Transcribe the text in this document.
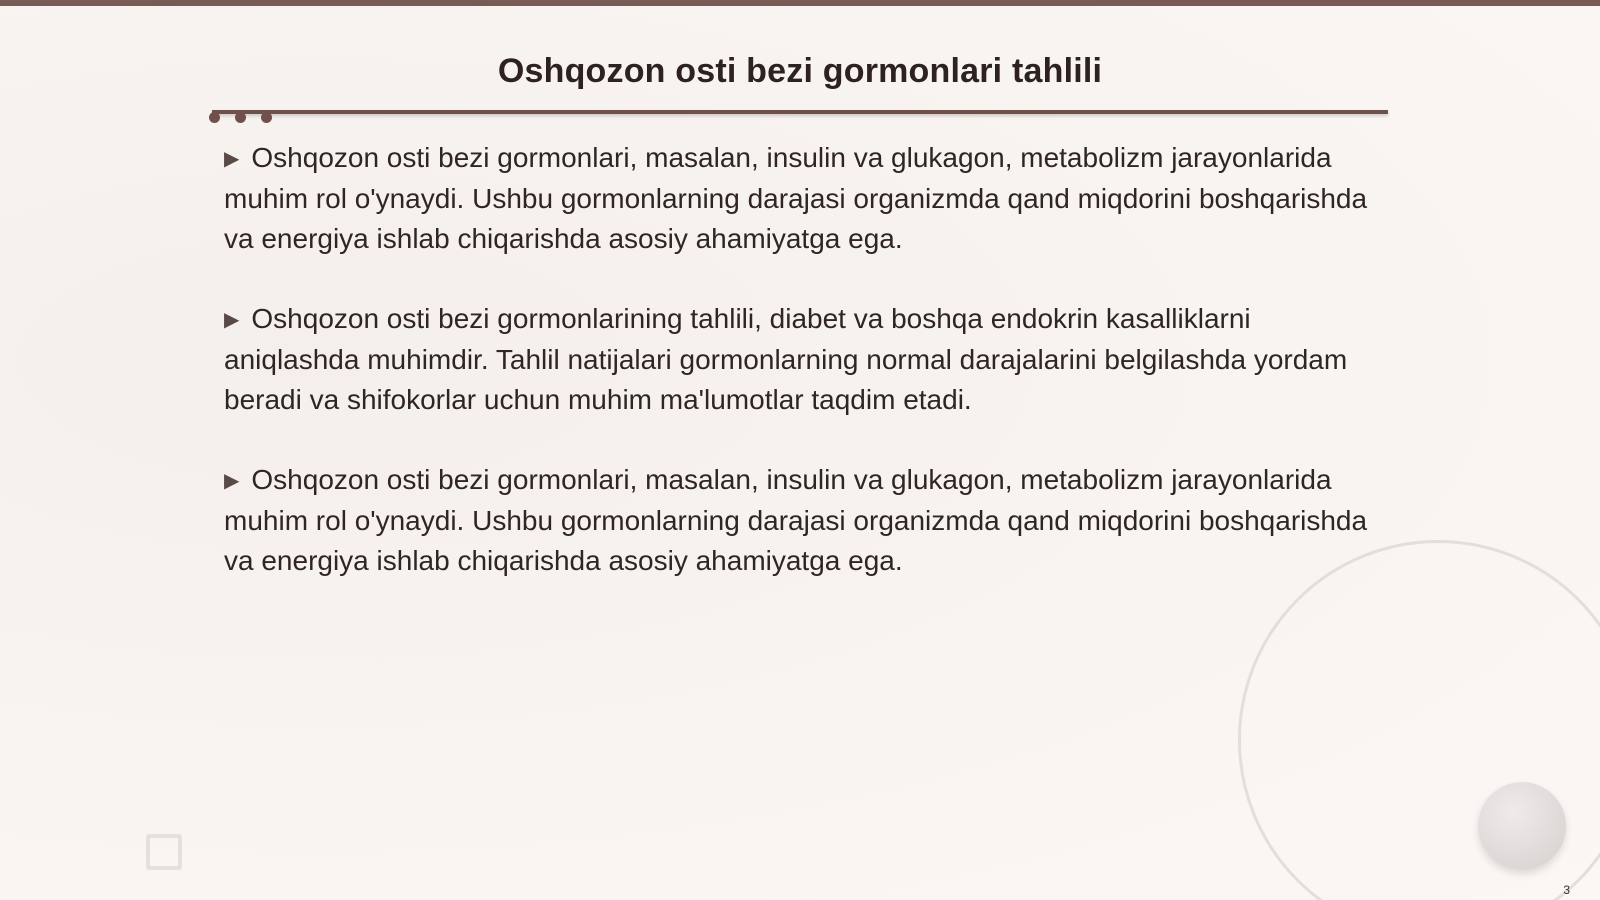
Oshqozon osti bezi gormonlari tahlili

▶ Oshqozon osti bezi gormonlari, masalan, insulin va glukagon, metabolizm jarayonlarida muhim rol o'ynaydi. Ushbu gormonlarning darajasi organizmda qand miqdorini boshqarishda va energiya ishlab chiqarishda asosiy ahamiyatga ega.

▶ Oshqozon osti bezi gormonlarining tahlili, diabet va boshqa endokrin kasalliklarni aniqlashda muhimdir. Tahlil natijalari gormonlarning normal darajalarini belgilashda yordam beradi va shifokorlar uchun muhim ma'lumotlar taqdim etadi.

▶ Oshqozon osti bezi gormonlari, masalan, insulin va glukagon, metabolizm jarayonlarida muhim rol o'ynaydi. Ushbu gormonlarning darajasi organizmda qand miqdorini boshqarishda va energiya ishlab chiqarishda asosiy ahamiyatga ega.

3
